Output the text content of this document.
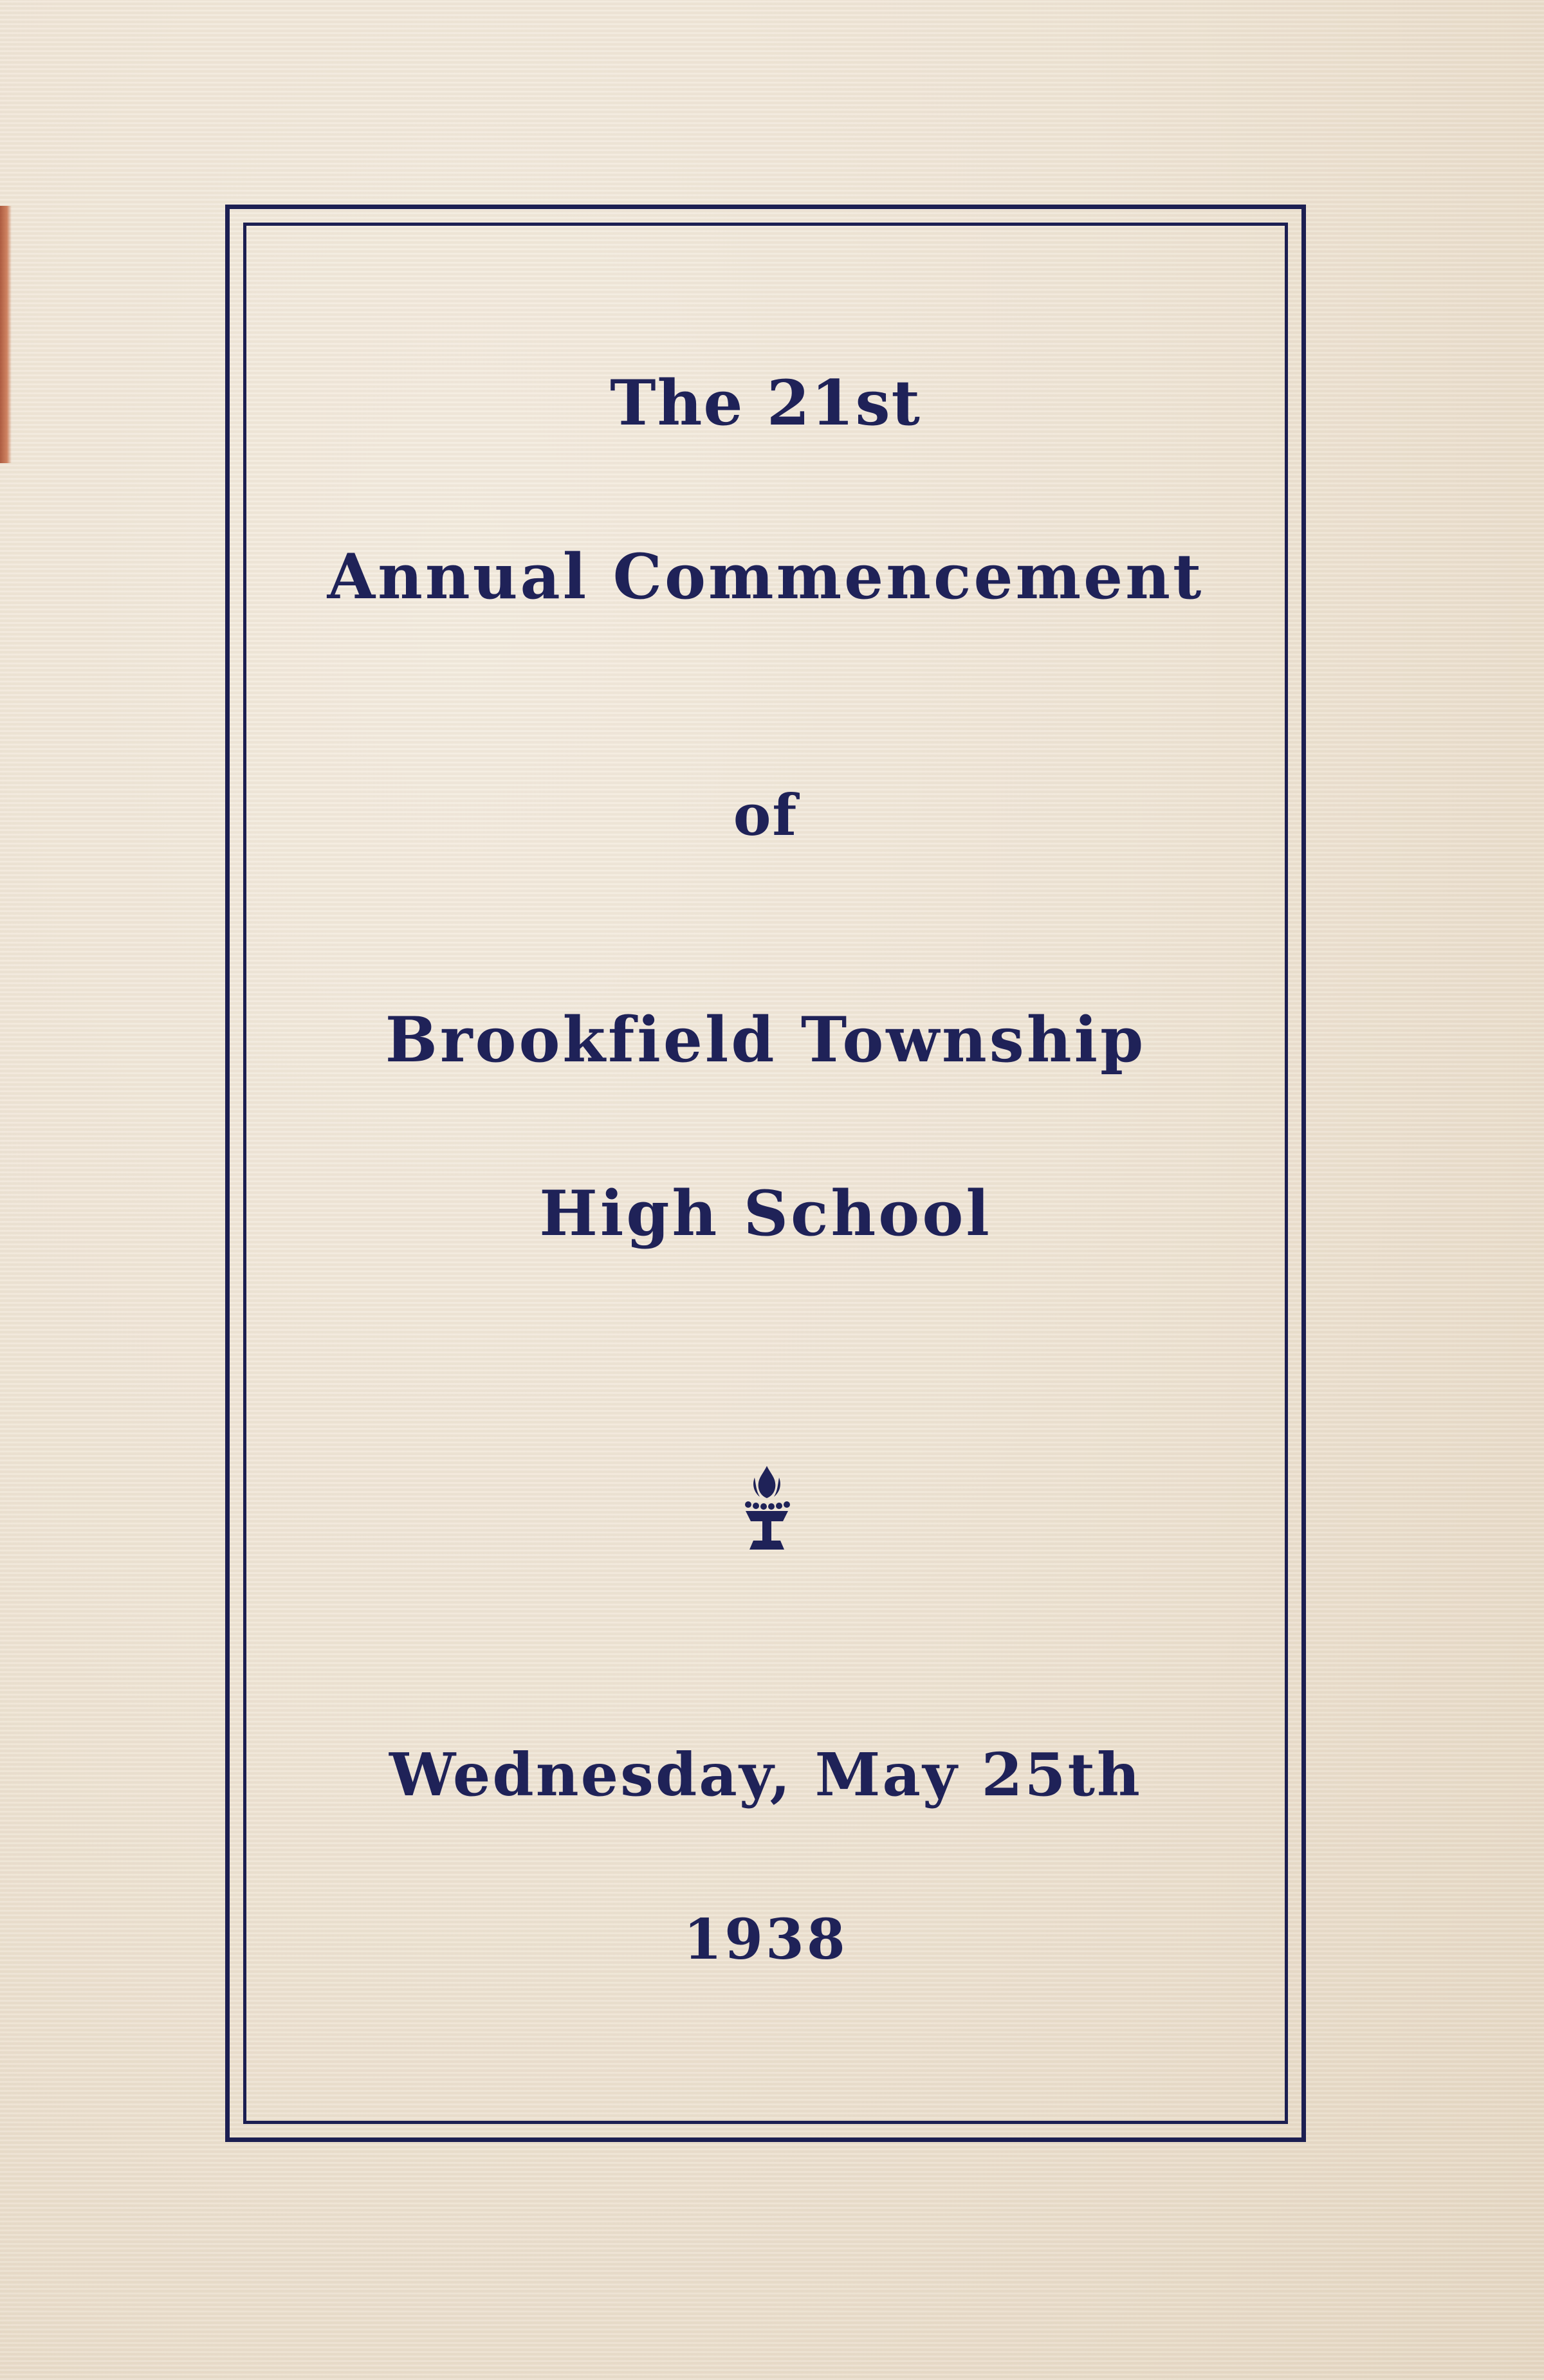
The 21st
Annual Commencement
of
Brookfield Township
High School
Wednesday, May 25th
1938
